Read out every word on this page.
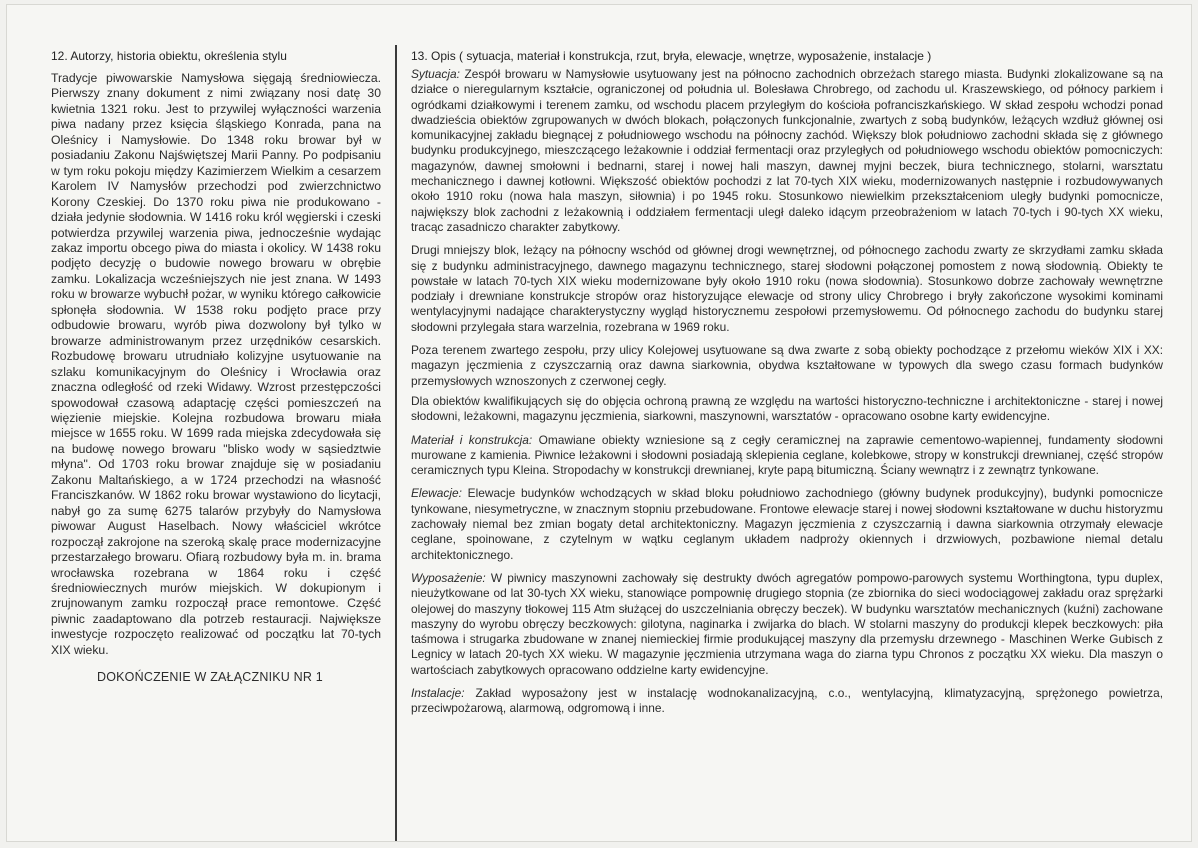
12. Autorzy, historia obiektu, określenia stylu

Tradycje piwowarskie Namysłowa sięgają średniowiecza. Pierwszy znany dokument z nimi związany nosi datę 30 kwietnia 1321 roku. Jest to przywilej wyłączności warzenia piwa nadany przez księcia śląskiego Konrada, pana na Oleśnicy i Namysłowie. Do 1348 roku browar był w posiadaniu Zakonu Najświętszej Marii Panny. Po podpisaniu w tym roku pokoju między Kazimierzem Wielkim a cesarzem Karolem IV Namysłów przechodzi pod zwierzchnictwo Korony Czeskiej. Do 1370 roku piwa nie produkowano - działa jedynie słodownia. W 1416 roku król węgierski i czeski potwierdza przywilej warzenia piwa, jednocześnie wydając zakaz importu obcego piwa do miasta i okolicy. W 1438 roku podjęto decyzję o budowie nowego browaru w obrębie zamku. Lokalizacja wcześniejszych nie jest znana. W 1493 roku w browarze wybuchł pożar, w wyniku którego całkowicie spłonęła słodownia. W 1538 roku podjęto prace przy odbudowie browaru, wyrób piwa dozwolony był tylko w browarze administrowanym przez urzędników cesarskich. Rozbudowę browaru utrudniało kolizyjne usytuowanie na szlaku komunikacyjnym do Oleśnicy i Wrocławia oraz znaczna odległość od rzeki Widawy. Wzrost przestępczości spowodował czasową adaptację części pomieszczeń na więzienie miejskie. Kolejna rozbudowa browaru miała miejsce w 1655 roku. W 1699 rada miejska zdecydowała się na budowę nowego browaru "blisko wody w sąsiedztwie młyna". Od 1703 roku browar znajduje się w posiadaniu Zakonu Maltańskiego, a w 1724 przechodzi na własność Franciszkanów. W 1862 roku browar wystawiono do licytacji, nabył go za sumę 6275 talarów przybyły do Namysłowa piwowar August Haselbach. Nowy właściciel wkrótce rozpoczął zakrojone na szeroką skalę prace modernizacyjne przestarzałego browaru. Ofiarą rozbudowy była m. in. brama wrocławska rozebrana w 1864 roku i część średniowiecznych murów miejskich. W dokupionym i zrujnowanym zamku rozpoczął prace remontowe. Część piwnic zaadaptowano dla potrzeb restauracji. Największe inwestycje rozpoczęto realizować od początku lat 70-tych XIX wieku.

DOKOŃCZENIE W ZAŁĄCZNIKU NR 1
13. Opis ( sytuacja, materiał i konstrukcja, rzut, bryła, elewacje, wnętrze, wyposażenie, instalacje )

Sytuacja: Zespół browaru w Namysłowie usytuowany jest na północno zachodnich obrzeżach starego miasta. Budynki zlokalizowane są na działce o nieregularnym kształcie, ograniczonej od południa ul. Bolesława Chrobrego, od zachodu ul. Kraszewskiego, od północy parkiem i ogródkami działkowymi i terenem zamku, od wschodu placem przyległym do kościoła pofranciszkańskiego. W skład zespołu wchodzi ponad dwadzieścia obiektów zgrupowanych w dwóch blokach, połączonych funkcjonalnie, zwartych z sobą budynków, leżących wzdłuż głównej osi komunikacyjnej zakładu biegnącej z południowego wschodu na północny zachód. Większy blok południowo zachodni składa się z głównego budynku produkcyjnego, mieszczącego leżakownie i oddział fermentacji oraz przyległych od południowego wschodu obiektów pomocniczych: magazynów, dawnej smołowni i bednarni, starej i nowej hali maszyn, dawnej myjni beczek, biura technicznego, stolarni, warsztatu mechanicznego i dawnej kotłowni. Większość obiektów pochodzi z lat 70-tych XIX wieku, modernizowanych następnie i rozbudowywanych około 1910 roku (nowa hala maszyn, siłownia) i po 1945 roku. Stosunkowo niewielkim przekształceniom uległy budynki pomocnicze, największy blok zachodni z leżakownią i oddziałem fermentacji uległ daleko idącym przeobrażeniom w latach 70-tych i 90-tych XX wieku, tracąc zasadniczo charakter zabytkowy.

Drugi mniejszy blok, leżący na północny wschód od głównej drogi wewnętrznej, od północnego zachodu zwarty ze skrzydłami zamku składa się z budynku administracyjnego, dawnego magazynu technicznego, starej słodowni połączonej pomostem z nową słodownią. Obiekty te powstałe w latach 70-tych XIX wieku modernizowane były około 1910 roku (nowa słodownia). Stosunkowo dobrze zachowały wewnętrzne podziały i drewniane konstrukcje stropów oraz historyzujące elewacje od strony ulicy Chrobrego i bryły zakończone wysokimi kominami wentylacyjnymi nadające charakterystyczny wygląd historycznemu zespołowi przemysłowemu. Od północnego zachodu do budynku starej słodowni przylegała stara warzelnia, rozebrana w 1969 roku.

Poza terenem zwartego zespołu, przy ulicy Kolejowej usytuowane są dwa zwarte z sobą obiekty pochodzące z przełomu wieków XIX i XX: magazyn jęczmienia z czyszczarnią oraz dawna siarkownia, obydwa kształtowane w typowych dla swego czasu formach budynków przemysłowych wznoszonych z czerwonej cegły.

Dla obiektów kwalifikujących się do objęcia ochroną prawną ze względu na wartości historyczno-techniczne i architektoniczne - starej i nowej słodowni, leżakowni, magazynu jęczmienia, siarkowni, maszynowni, warsztatów - opracowano osobne karty ewidencyjne.

Materiał i konstrukcja: Omawiane obiekty wzniesione są z cegły ceramicznej na zaprawie cementowo-wapiennej, fundamenty słodowni murowane z kamienia. Piwnice leżakowni i słodowni posiadają sklepienia ceglane, kolebkowe, stropy w konstrukcji drewnianej, część stropów ceramicznych typu Kleina. Stropodachy w konstrukcji drewnianej, kryte papą bitumiczną. Ściany wewnątrz i z zewnątrz tynkowane.

Elewacje: Elewacje budynków wchodzących w skład bloku południowo zachodniego (główny budynek produkcyjny), budynki pomocnicze tynkowane, niesymetryczne, w znacznym stopniu przebudowane. Frontowe elewacje starej i nowej słodowni kształtowane w duchu historyzmu zachowały niemal bez zmian bogaty detal architektoniczny. Magazyn jęczmienia z czyszczarnią i dawna siarkownia otrzymały elewacje ceglane, spoinowane, z czytelnym w wątku ceglanym układem nadproży okiennych i drzwiowych, pozbawione niemal detalu architektonicznego.

Wyposażenie: W piwnicy maszynowni zachowały się destrukty dwóch agregatów pompowo-parowych systemu Worthingtona, typu duplex, nieużytkowane od lat 30-tych XX wieku, stanowiące pompownię drugiego stopnia (ze zbiornika do sieci wodociągowej zakładu oraz sprężarki olejowej do maszyny tłokowej 115 Atm służącej do uszczelniania obręczy beczek). W budynku warsztatów mechanicznych (kuźni) zachowane maszyny do wyrobu obręczy beczkowych: gilotyna, naginarka i zwijarka do blach. W stolarni maszyny do produkcji klepek beczkowych: piła taśmowa i strugarka zbudowane w znanej niemieckiej firmie produkującej maszyny dla przemysłu drzewnego - Maschinen Werke Gubisch z Legnicy w latach 20-tych XX wieku. W magazynie jęczmienia utrzymana waga do ziarna typu Chronos z początku XX wieku. Dla maszyn o wartościach zabytkowych opracowano oddzielne karty ewidencyjne.

Instalacje: Zakład wyposażony jest w instalację wodnokanalizacyjną, c.o., wentylacyjną, klimatyzacyjną, sprężonego powietrza, przeciwpożarową, alarmową, odgromową i inne.
